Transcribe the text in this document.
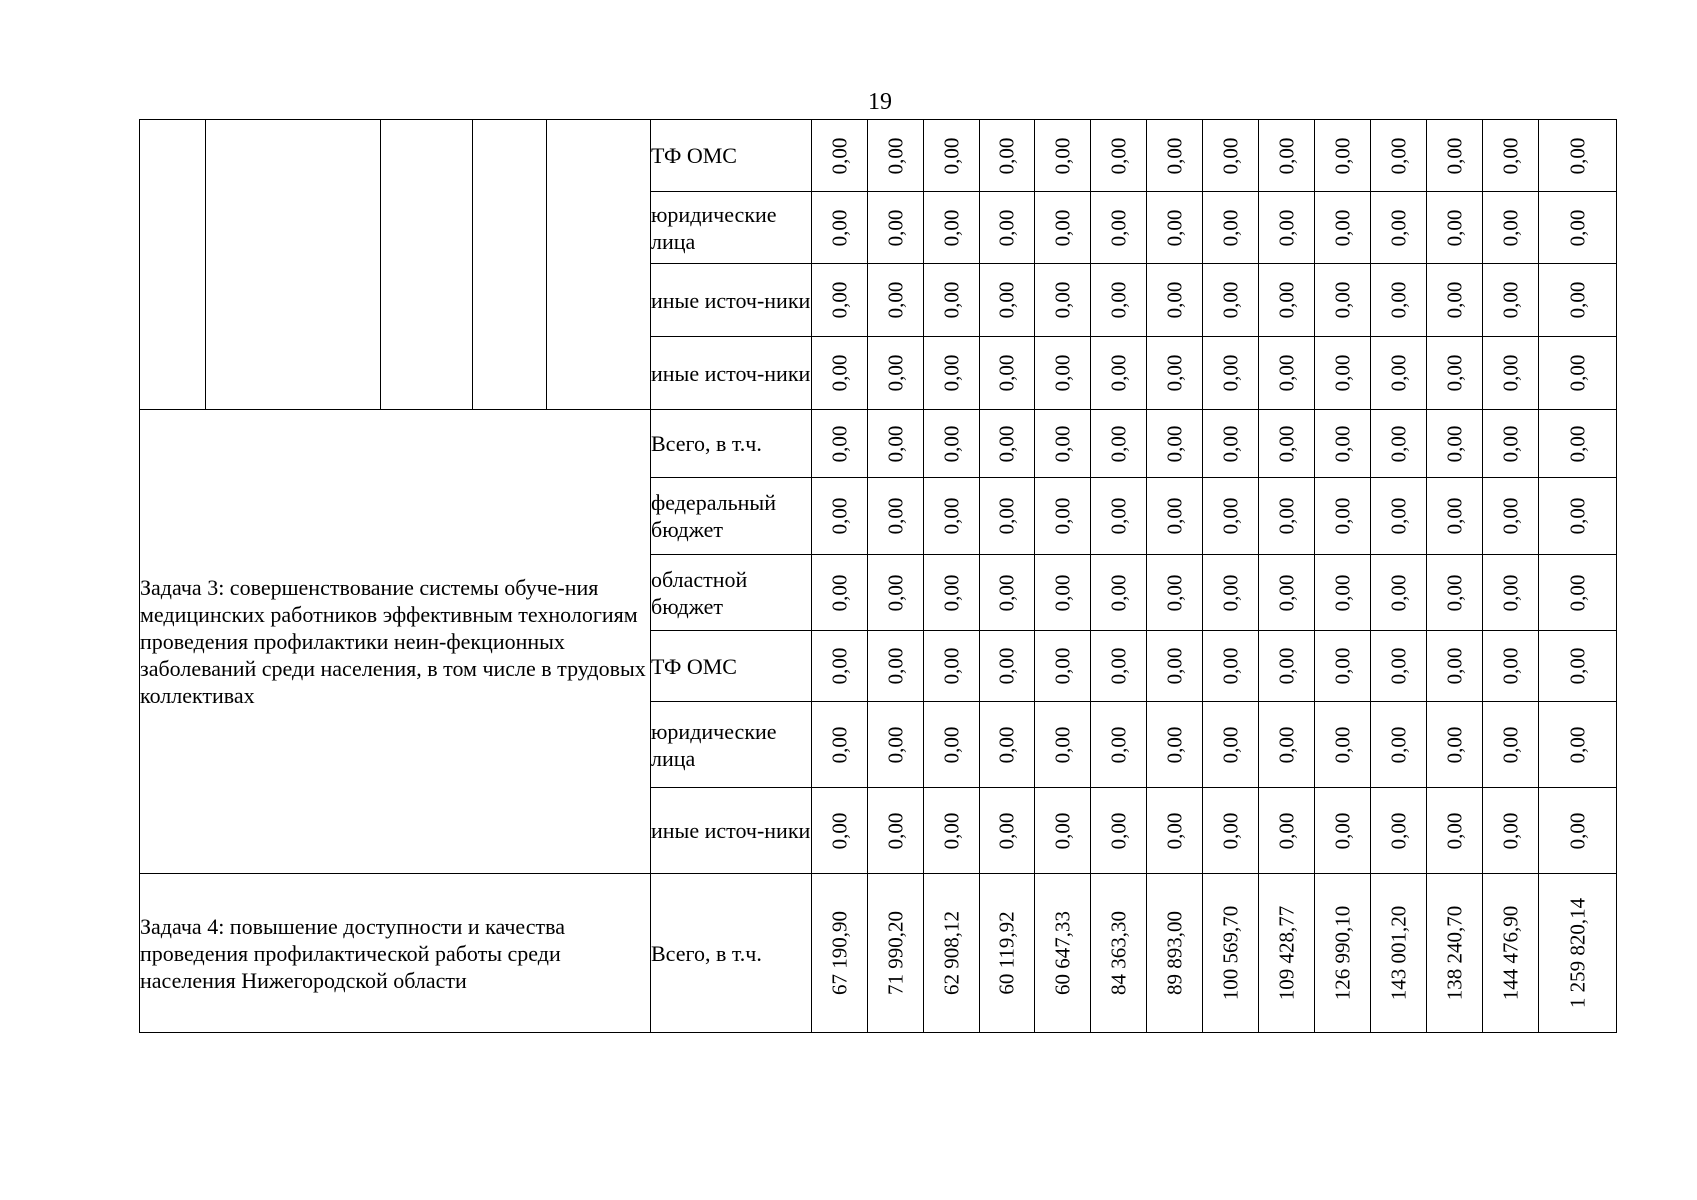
19
					ТФ ОМС	0,00	0,00	0,00	0,00	0,00	0,00	0,00	0,00	0,00	0,00	0,00	0,00	0,00	0,00

					юридические лица	0,00	0,00	0,00	0,00	0,00	0,00	0,00	0,00	0,00	0,00	0,00	0,00	0,00	0,00

					иные источ-ники	0,00	0,00	0,00	0,00	0,00	0,00	0,00	0,00	0,00	0,00	0,00	0,00	0,00	0,00

					иные источ-ники	0,00	0,00	0,00	0,00	0,00	0,00	0,00	0,00	0,00	0,00	0,00	0,00	0,00	0,00

Задача 3: совершенствование системы обуче-ния медицинских работников эффективным технологиям проведения профилактики неин-фекционных заболеваний среди населения, в том числе в трудовых коллективах					Всего, в т.ч.	0,00	0,00	0,00	0,00	0,00	0,00	0,00	0,00	0,00	0,00	0,00	0,00	0,00	0,00

					федеральный бюджет	0,00	0,00	0,00	0,00	0,00	0,00	0,00	0,00	0,00	0,00	0,00	0,00	0,00	0,00

					областной бюджет	0,00	0,00	0,00	0,00	0,00	0,00	0,00	0,00	0,00	0,00	0,00	0,00	0,00	0,00

					ТФ ОМС	0,00	0,00	0,00	0,00	0,00	0,00	0,00	0,00	0,00	0,00	0,00	0,00	0,00	0,00

					юридические лица	0,00	0,00	0,00	0,00	0,00	0,00	0,00	0,00	0,00	0,00	0,00	0,00	0,00	0,00

					иные источ-ники	0,00	0,00	0,00	0,00	0,00	0,00	0,00	0,00	0,00	0,00	0,00	0,00	0,00	0,00

Задача 4: повышение доступности и качества проведения профилактической работы среди населения Нижегородской области					Всего, в т.ч.	67 190,90	71 990,20	62 908,12	60 119,92	60 647,33	84 363,30	89 893,00	100 569,70	109 428,77	126 990,10	143 001,20	138 240,70	144 476,90	1 259 820,14
